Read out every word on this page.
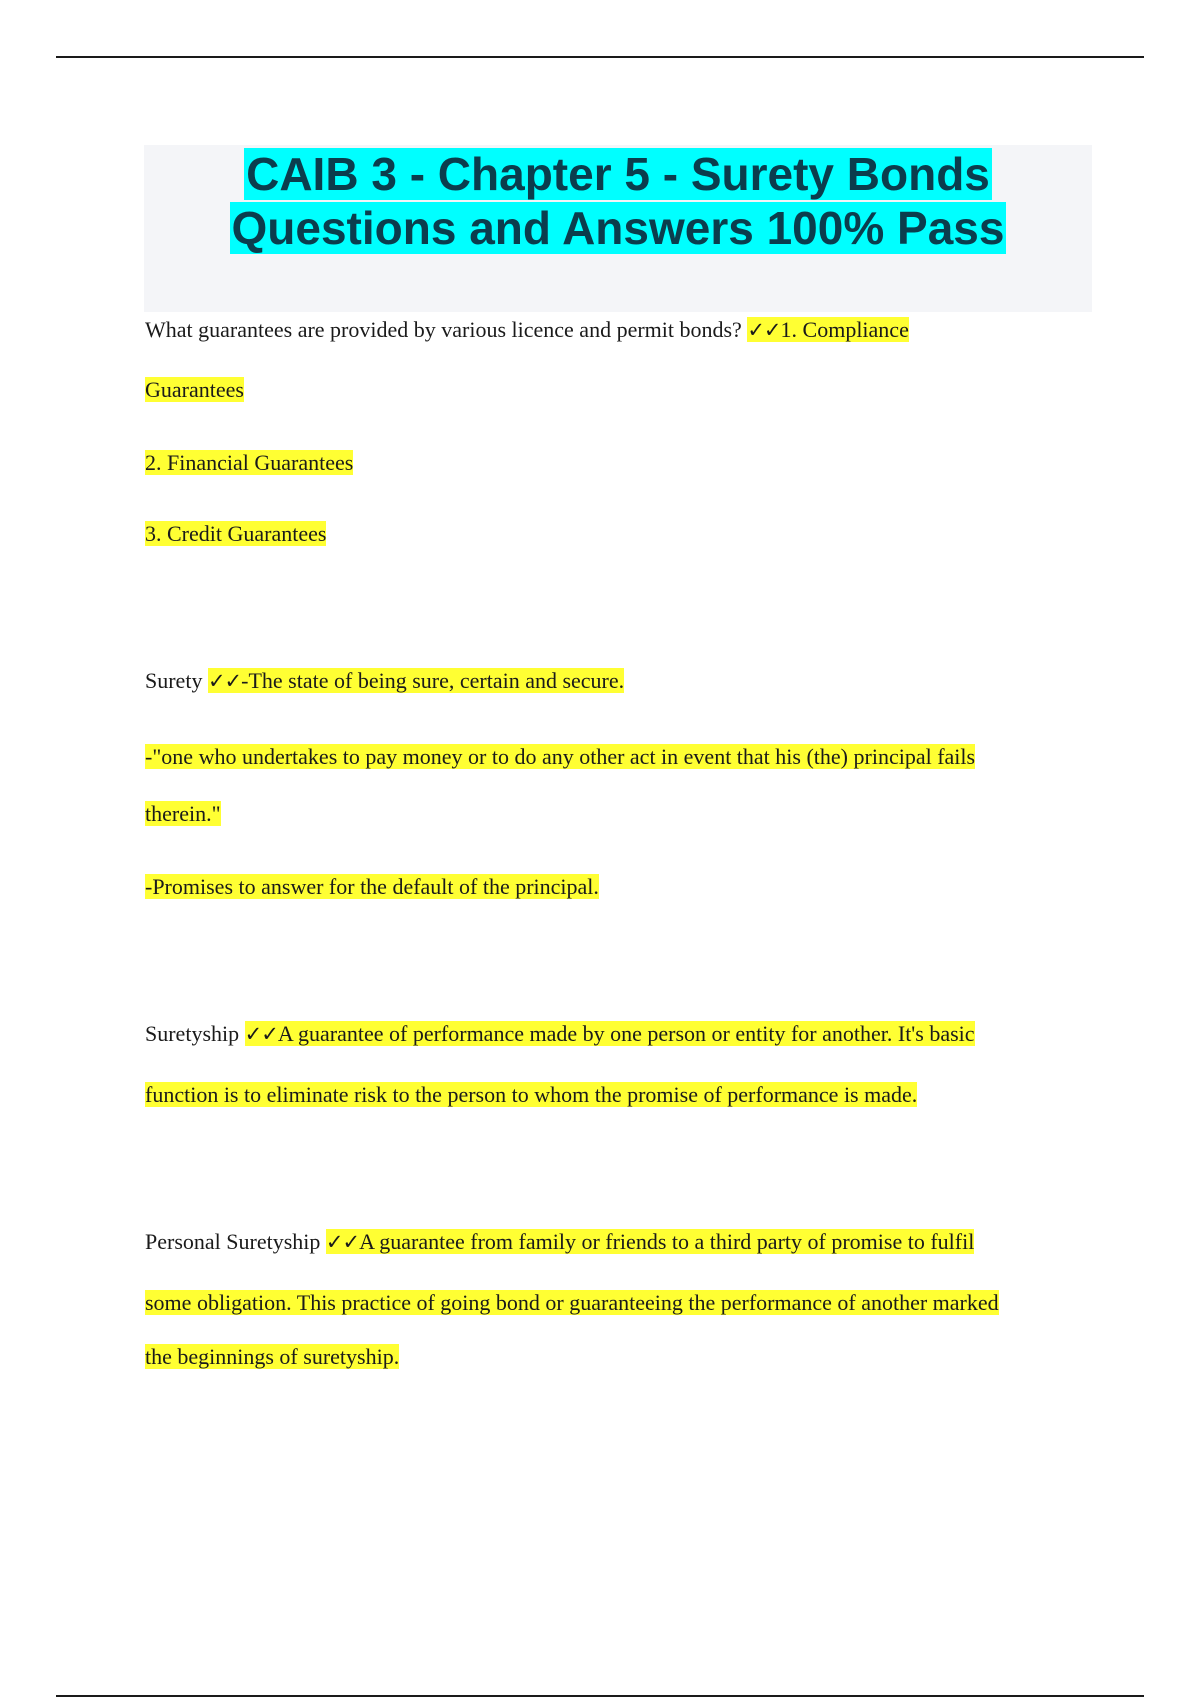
CAIB 3 - Chapter 5 - Surety Bonds
Questions and Answers 100% Pass

What guarantees are provided by various licence and permit bonds? ✓✓1. Compliance

Guarantees

2. Financial Guarantees

3. Credit Guarantees

Surety ✓✓-The state of being sure, certain and secure.

-"one who undertakes to pay money or to do any other act in event that his (the) principal fails

therein."

-Promises to answer for the default of the principal.

Suretyship ✓✓A guarantee of performance made by one person or entity for another. It's basic

function is to eliminate risk to the person to whom the promise of performance is made.

Personal Suretyship ✓✓A guarantee from family or friends to a third party of promise to fulfil

some obligation. This practice of going bond or guaranteeing the performance of another marked

the beginnings of suretyship.
